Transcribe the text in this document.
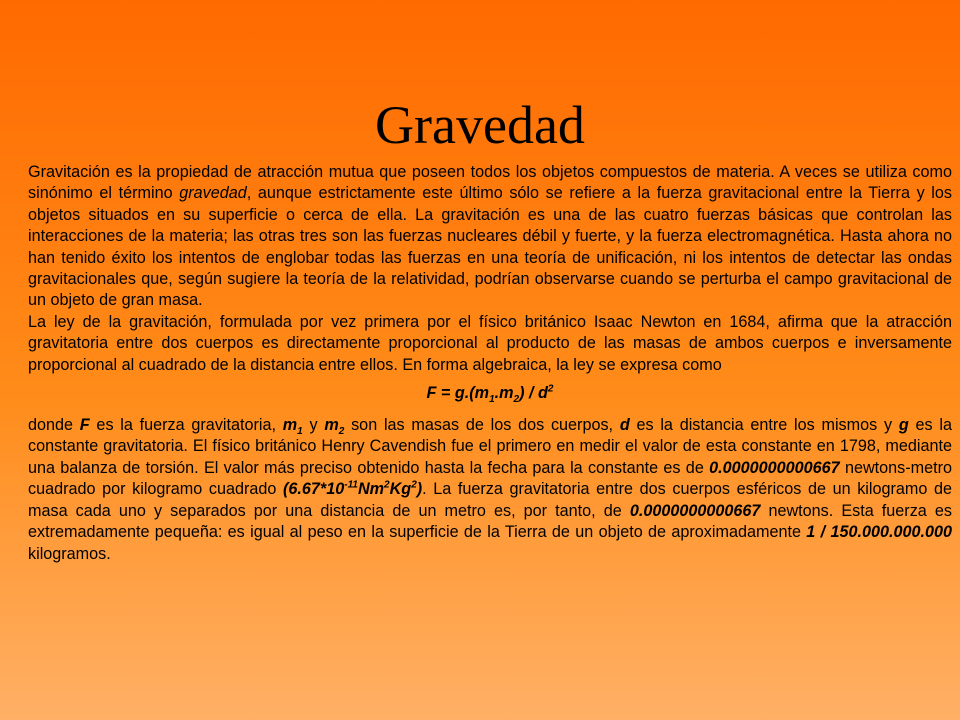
Gravedad

Gravitación es la propiedad de atracción mutua que poseen todos los objetos compuestos de materia. A veces se utiliza como sinónimo el término gravedad, aunque estrictamente este último sólo se refiere a la fuerza gravitacional entre la Tierra y los objetos situados en su superficie o cerca de ella. La gravitación es una de las cuatro fuerzas básicas que controlan las interacciones de la materia; las otras tres son las fuerzas nucleares débil y fuerte, y la fuerza electromagnética. Hasta ahora no han tenido éxito los intentos de englobar todas las fuerzas en una teoría de unificación, ni los intentos de detectar las ondas gravitacionales que, según sugiere la teoría de la relatividad, podrían observarse cuando se perturba el campo gravitacional de un objeto de gran masa.

La ley de la gravitación, formulada por vez primera por el físico británico Isaac Newton en 1684, afirma que la atracción gravitatoria entre dos cuerpos es directamente proporcional al producto de las masas de ambos cuerpos e inversamente proporcional al cuadrado de la distancia entre ellos. En forma algebraica, la ley se expresa como

$F = g.(m_1.m_2) / d^2$

donde F es la fuerza gravitatoria, $m_1$ y $m_2$ son las masas de los dos cuerpos, d es la distancia entre los mismos y g es la constante gravitatoria. El físico británico Henry Cavendish fue el primero en medir el valor de esta constante en 1798, mediante una balanza de torsión. El valor más preciso obtenido hasta la fecha para la constante es de 0.0000000000667 newtons-metro cuadrado por kilogramo cuadrado $(6.67*10^{-11}Nm^2Kg^2)$. La fuerza gravitatoria entre dos cuerpos esféricos de un kilogramo de masa cada uno y separados por una distancia de un metro es, por tanto, de 0.0000000000667 newtons. Esta fuerza es extremadamente pequeña: es igual al peso en la superficie de la Tierra de un objeto de aproximadamente 1 / 150.000.000.000 kilogramos.
